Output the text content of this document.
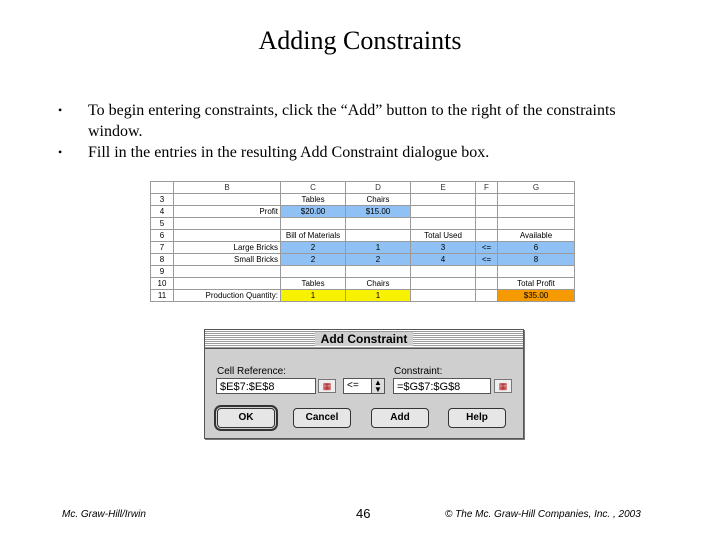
Adding Constraints
•	To begin entering constraints, click the “Add” button to the right of the constraints window.
•	Fill in the entries in the resulting Add Constraint dialogue box.
	B	C	D	E	F	G
3		Tables	Chairs			
4	Profit	$20.00	$15.00			
5						
6		Bill of Materials		Total Used		Available
7	Large Bricks	2	1	3	<=	6
8	Small Bricks	2	2	4	<=	8
9						
10		Tables	Chairs			Total Profit
11	Production Quantity:	1	1			$35.00
Add Constraint
Cell Reference:
$E$7:$E$8	▦	<=	▲
▼
Constraint:
=$G$7:$G$8	▦
OK	Cancel	Add	Help
Mc. Graw-Hill/Irwin	46	© The Mc. Graw-Hill Companies, Inc. , 2003
